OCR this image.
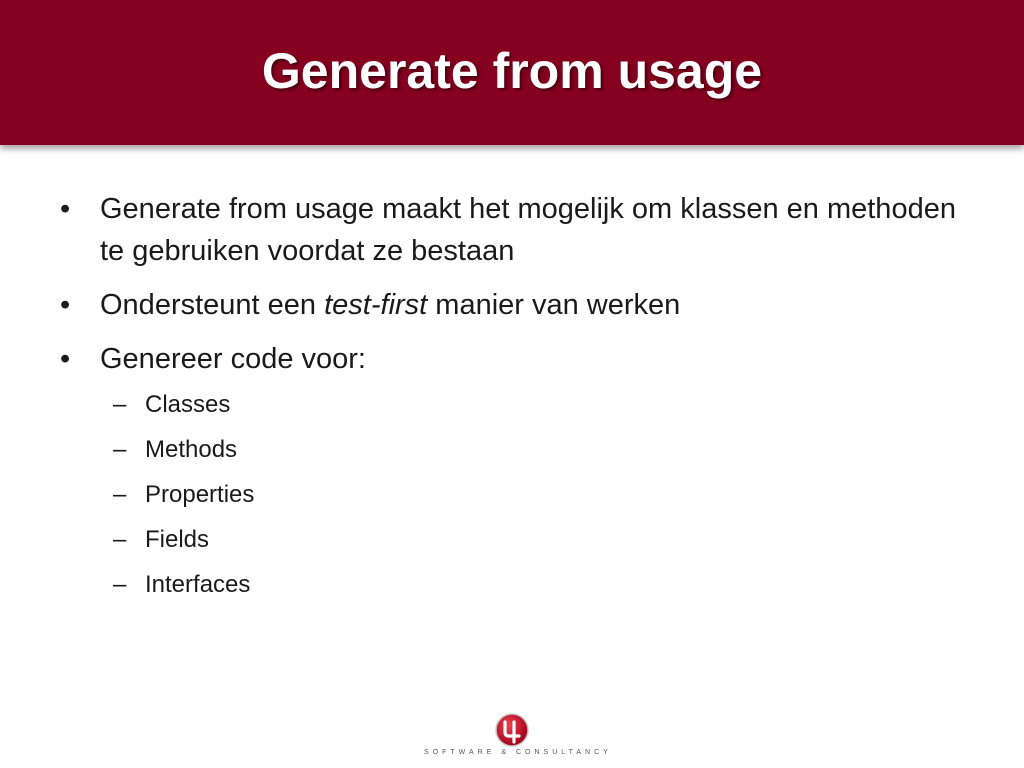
Generate from usage
•	Generate from usage maakt het mogelijk om klassen en methoden te gebruiken voordat ze bestaan
•	Ondersteunt een test-first manier van werken
•	Genereer code voor:
– Classes
– Methods
– Properties
– Fields
– Interfaces
SOFTWARE & CONSULTANCY
